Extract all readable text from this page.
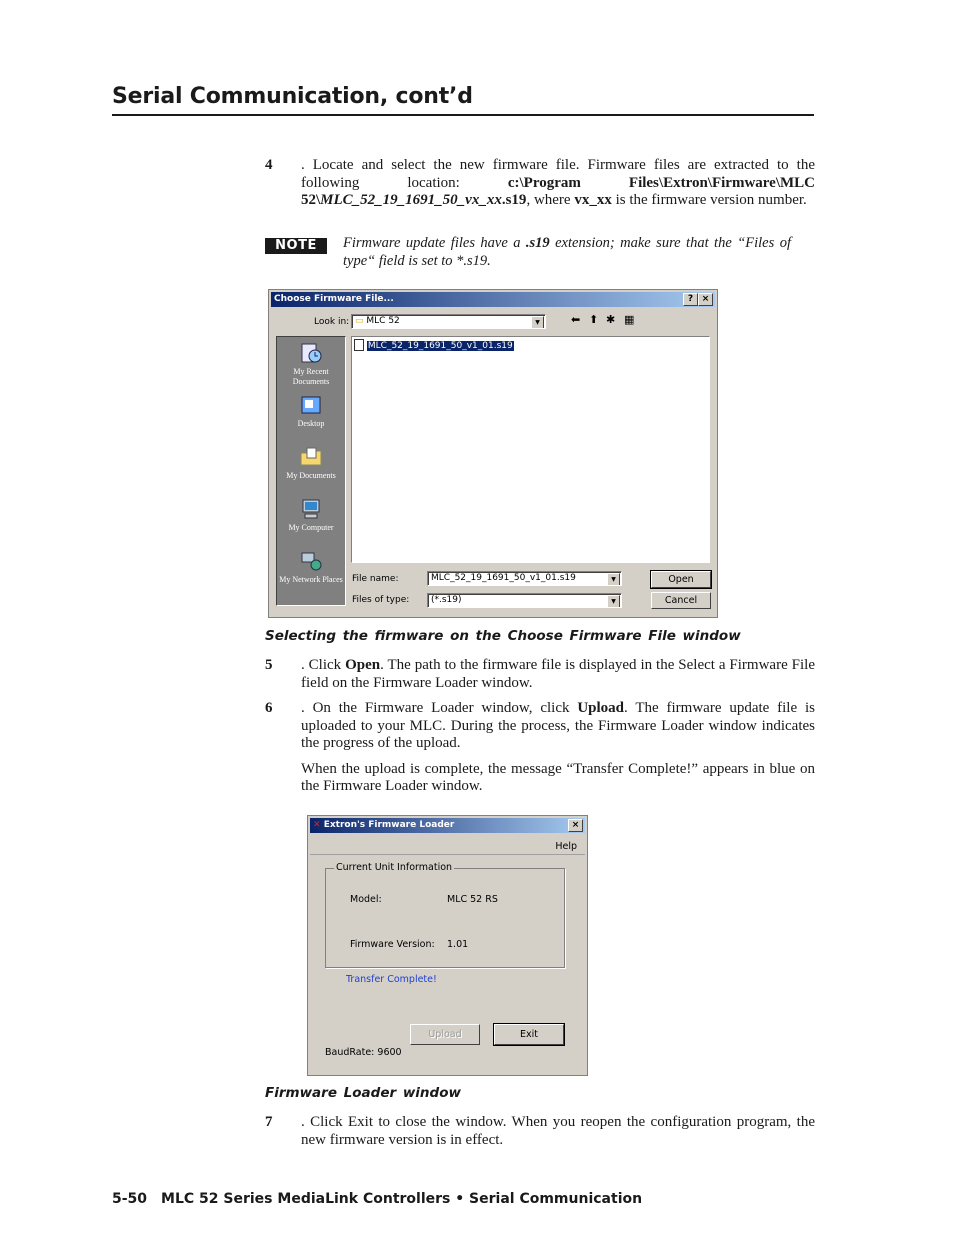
Serial Communication, cont’d
4 . Locate and select the new firmware file. Firmware files are extracted to the following location: c:\Program Files\Extron\Firmware\MLC 52\MLC_52_19_1691_50_vx_xx.s19, where vx_xx is the firmware version number.
NOTE	Firmware update files have a .s19 extension; make sure that the “Files of type“ field is set to *.s19.
Choose Firmware File...	? ×
Look in: ▭ MLC 52	▼	⬅ ⬆ ✱ ▦
MLC_52_19_1691_50_v1_01.s19
File name:	MLC_52_19_1691_50_v1_01.s19	▼
Files of type:	(*.s19)	▼
Open
Cancel
My Recent Documents
Desktop
My Documents
My Computer
My Network Places
Selecting the firmware on the Choose Firmware File window
5 . Click Open. The path to the firmware file is displayed in the Select a Firmware File field on the Firmware Loader window.
6 . On the Firmware Loader window, click Upload. The firmware update file is uploaded to your MLC. During the process, the Firmware Loader window indicates the progress of the upload.
When the upload is complete, the message “Transfer Complete!” appears in blue on the Firmware Loader window.
✕ Extron's Firmware Loader	×
Help
Current Unit Information
Model:	MLC 52 RS
Firmware Version: 1.01
Transfer Complete!
Upload	Exit
BaudRate: 9600
Firmware Loader window
7 . Click Exit to close the window. When you reopen the configuration program, the new firmware version is in effect.
5-50 MLC 52 Series MediaLink Controllers • Serial Communication
